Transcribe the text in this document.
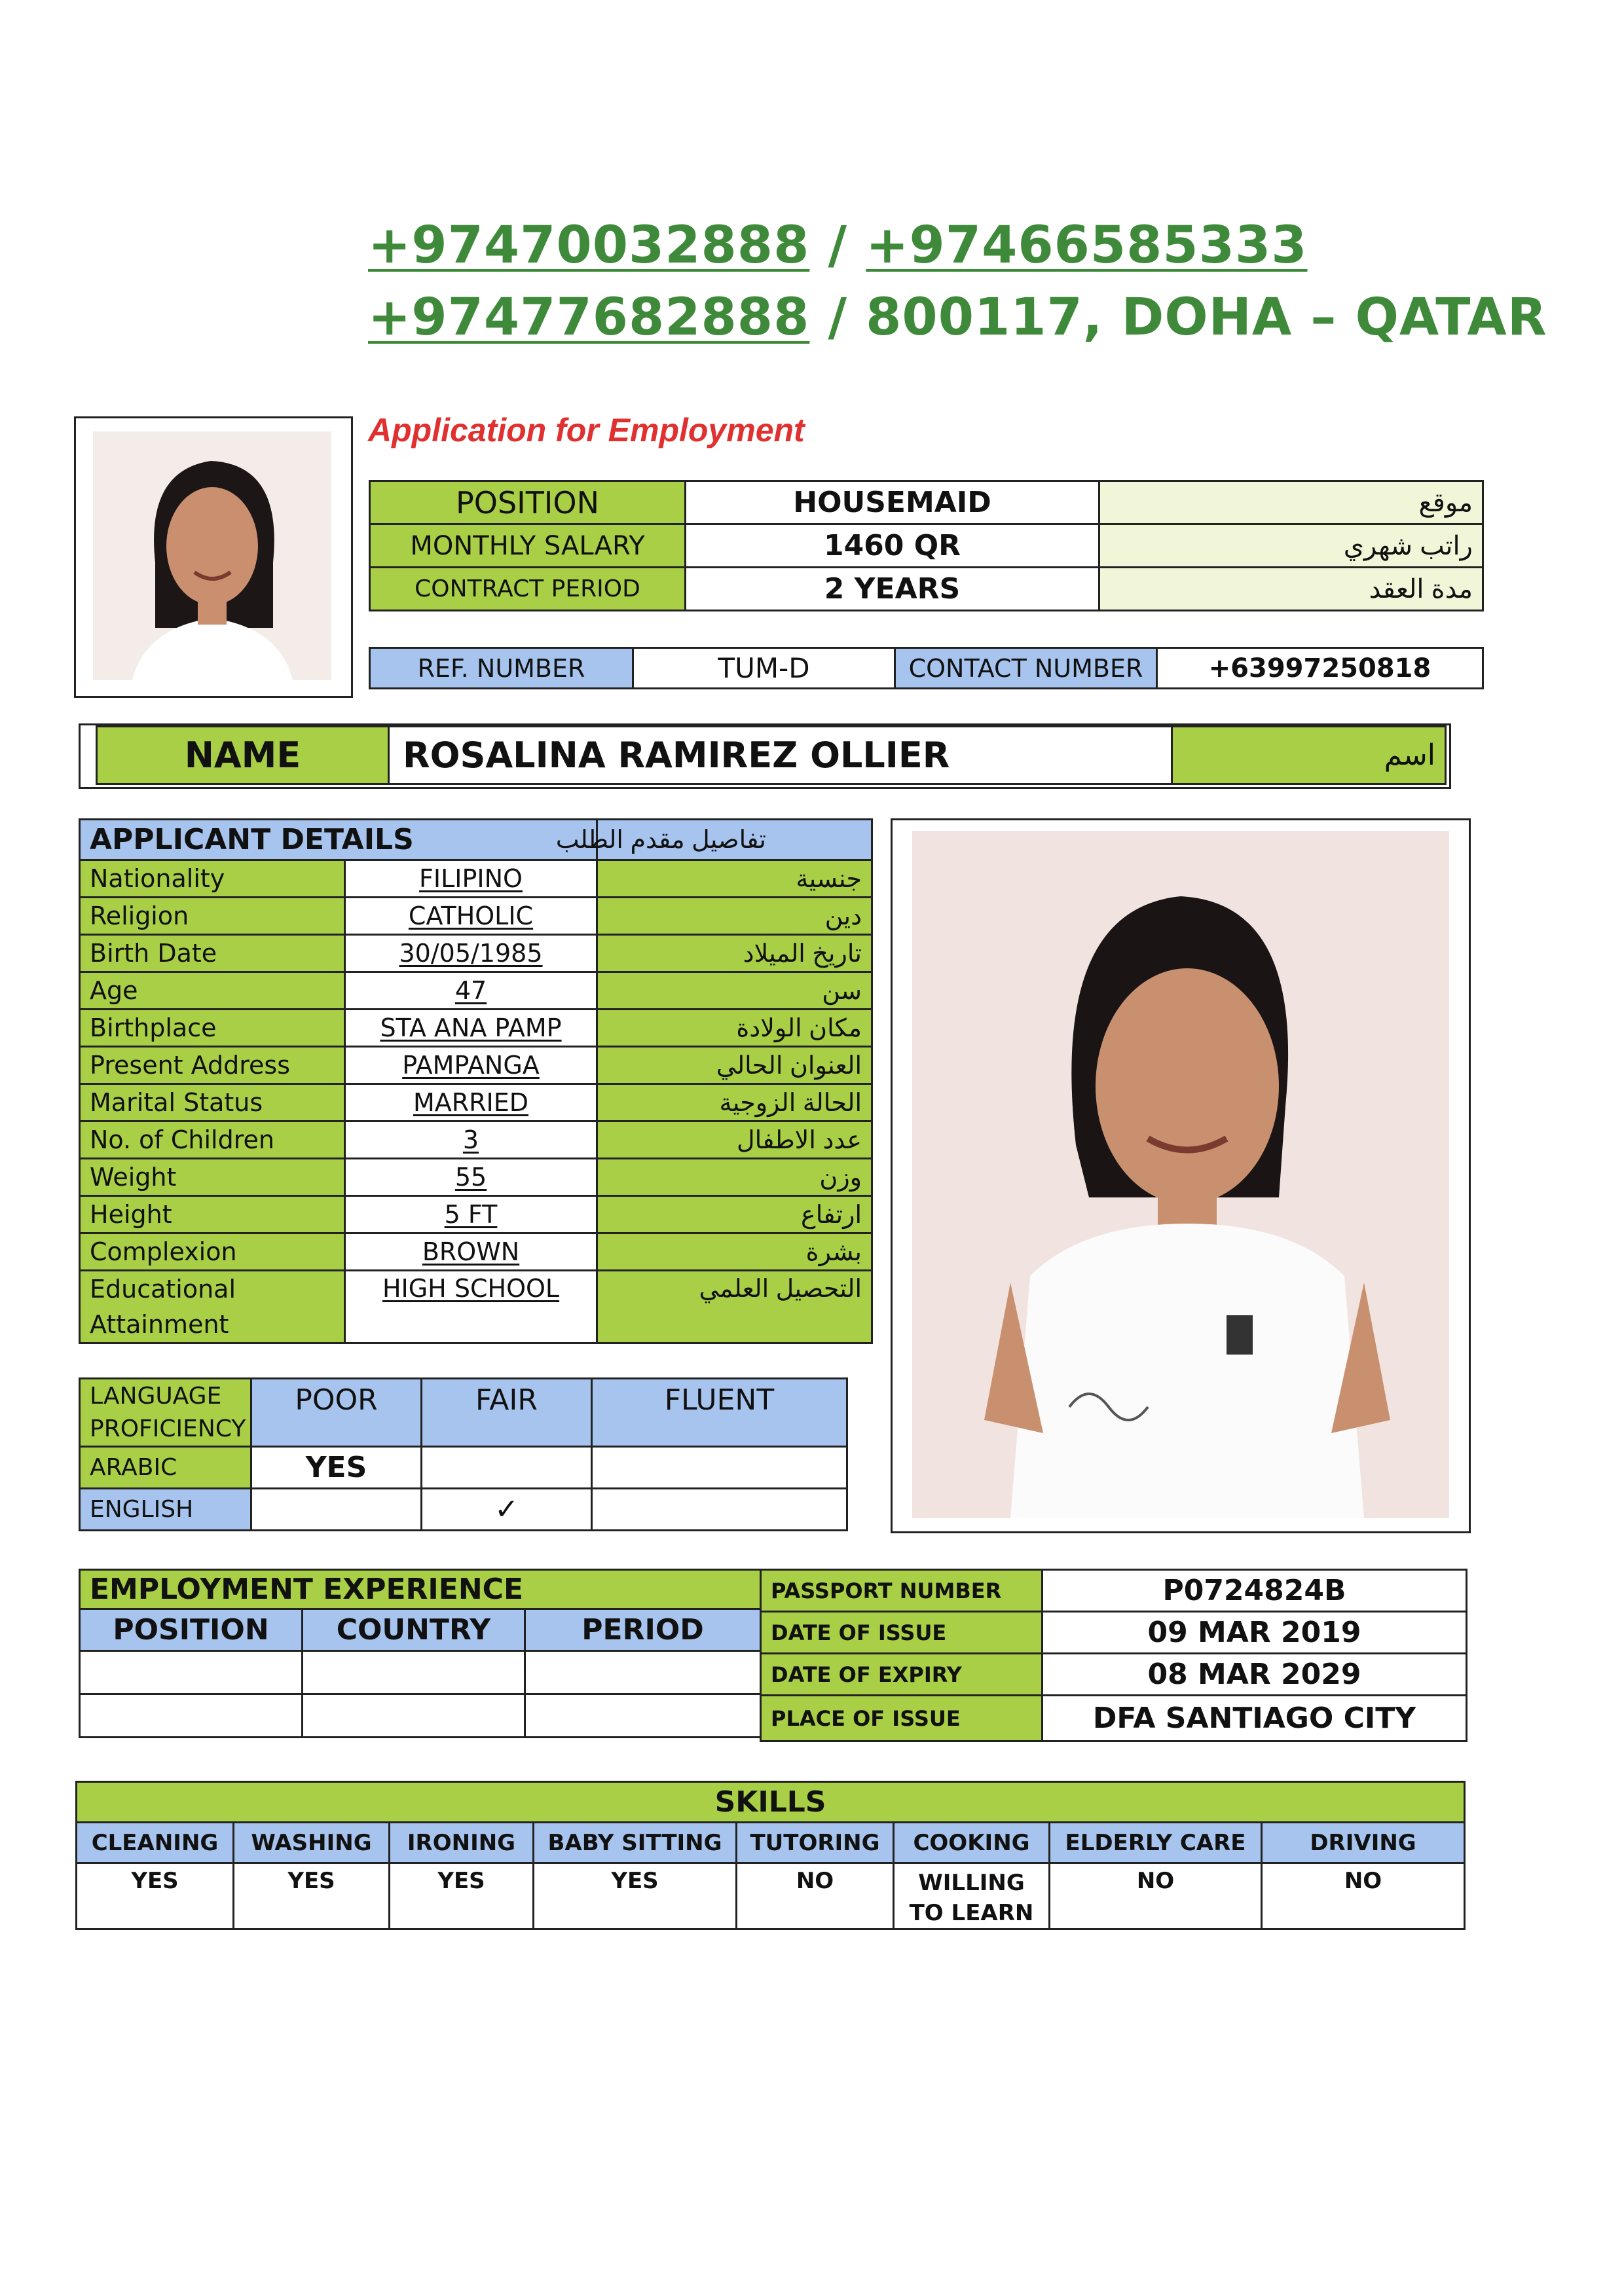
+97470032888 / +97466585333
+97477682888 / 800117, DOHA – QATAR
Application for Employment
POSITION	HOUSEMAID	موقع
MONTHLY SALARY	1460 QR	راتب شهري
CONTRACT PERIOD	2 YEARS	مدة العقد
REF. NUMBER	TUM-D	CONTACT NUMBER	+63997250818
NAME	ROSALINA RAMIREZ OLLIER	اسم
APPLICANT DETAILS		تفاصيل مقدم الطلب
Nationality	FILIPINO	جنسية
Religion	CATHOLIC	دين
Birth Date	30/05/1985	تاريخ الميلاد
Age	47	سن
Birthplace	STA ANA PAMP	مكان الولادة
Present Address	PAMPANGA	العنوان الحالي
Marital Status	MARRIED	الحالة الزوجية
No. of Children	3	عدد الاطفال
Weight	55	وزن
Height	5 FT	ارتفاع
Complexion	BROWN	بشرة
Educational Attainment	HIGH SCHOOL	التحصيل العلمي
LANGUAGE PROFICIENCY	POOR	FAIR	FLUENT
ARABIC	YES		
ENGLISH		✓	
EMPLOYMENT EXPERIENCE		
POSITION	COUNTRY	PERIOD

PASSPORT NUMBER	P0724824B
DATE OF ISSUE	09 MAR 2019
DATE OF EXPIRY	08 MAR 2029
PLACE OF ISSUE	DFA SANTIAGO CITY
SKILLS							
CLEANING	WASHING	IRONING	BABY SITTING	TUTORING	COOKING	ELDERLY CARE	DRIVING
YES	YES	YES	YES	NO	WILLING TO LEARN	NO	NO
